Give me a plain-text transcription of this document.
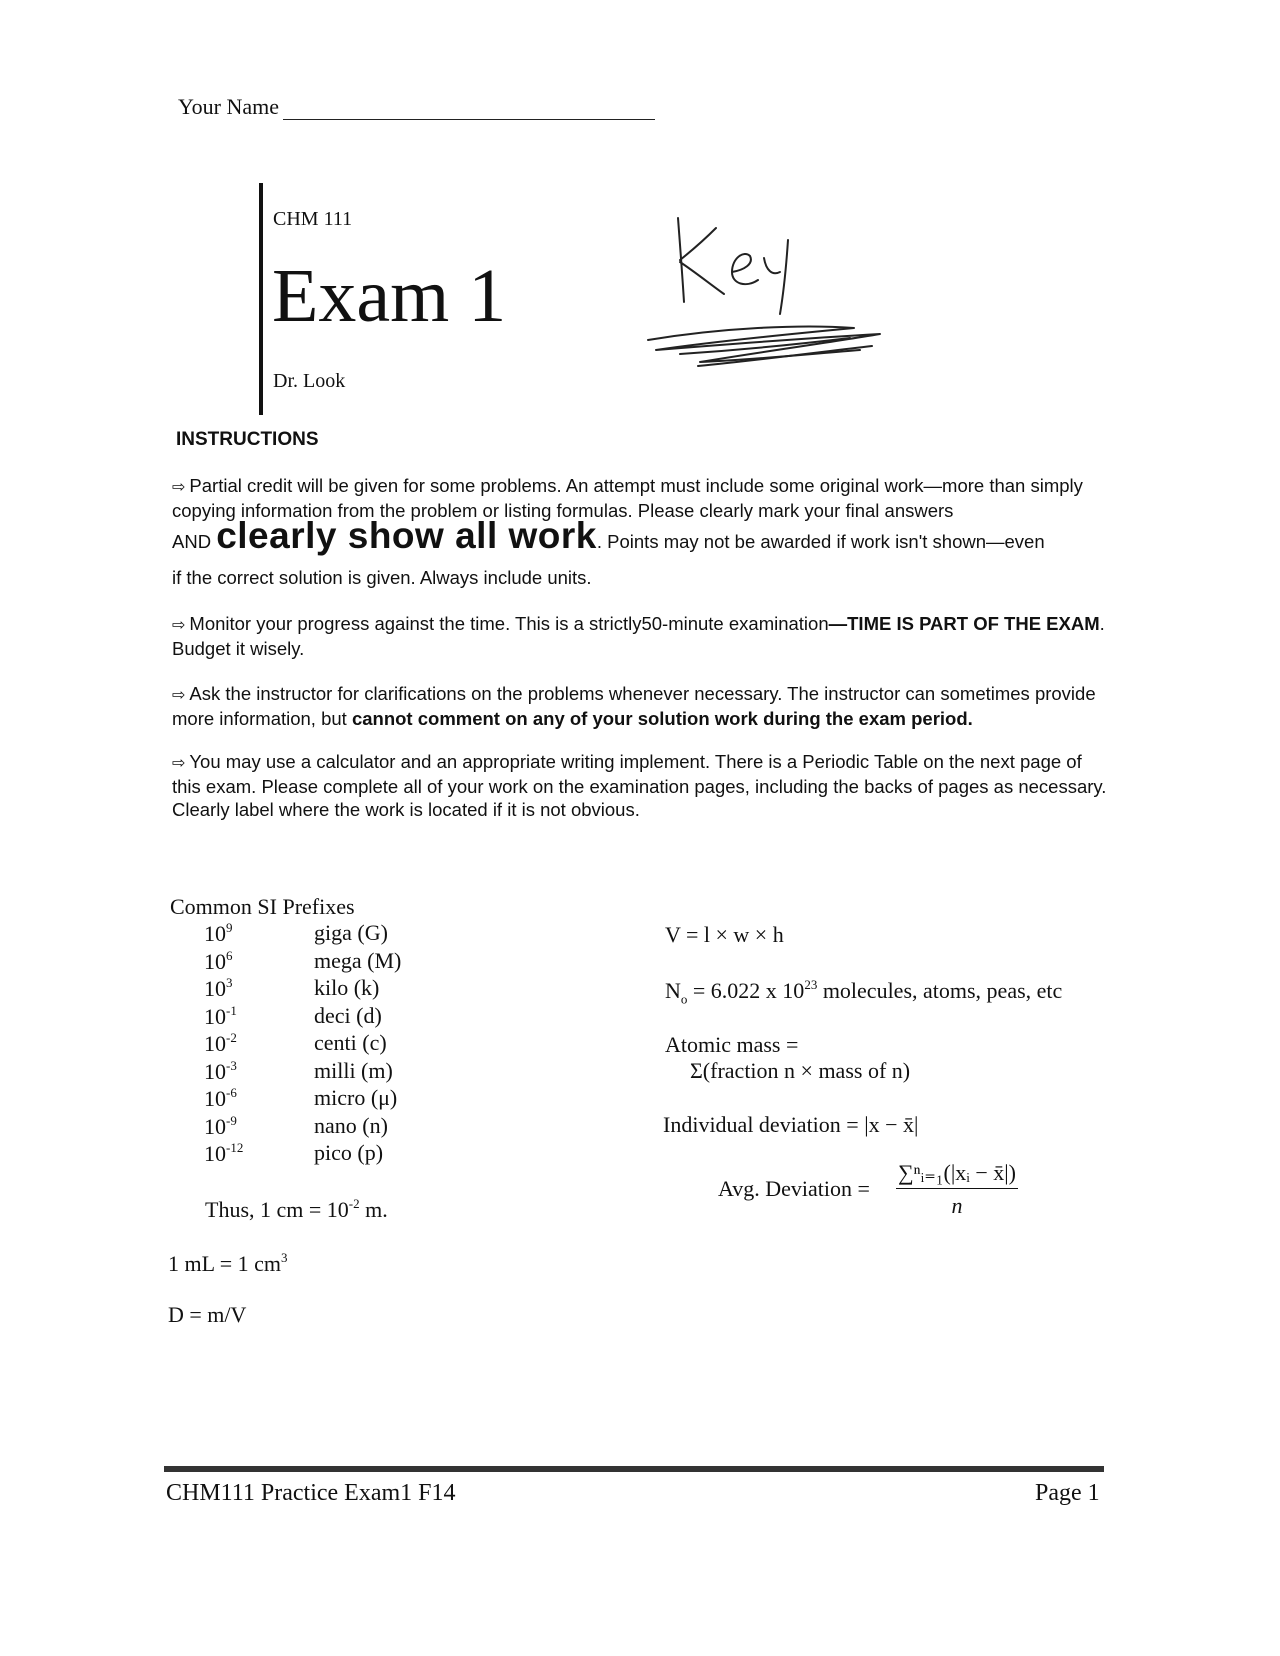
Your Name
CHM 111
Exam 1
Dr. Look
INSTRUCTIONS
⇨ Partial credit will be given for some problems. An attempt must include some original work—more than simply copying information from the problem or listing formulas. Please clearly mark your final answers
AND clearly show all work. Points may not be awarded if work isn't shown—even
if the correct solution is given. Always include units.
⇨ Monitor your progress against the time. This is a strictly50-minute examination—TIME IS PART OF THE EXAM. Budget it wisely.
⇨ Ask the instructor for clarifications on the problems whenever necessary. The instructor can sometimes provide more information, but cannot comment on any of your solution work during the exam period.
⇨ You may use a calculator and an appropriate writing implement. There is a Periodic Table on the next page of this exam. Please complete all of your work on the examination pages, including the backs of pages as necessary. Clearly label where the work is located if it is not obvious.
Common SI Prefixes
$10^9$	giga (G)
$10^6$	mega (M)
$10^3$	kilo (k)
$10^{-1}$	deci (d)
$10^{-2}$	centi (c)
$10^{-3}$	milli (m)
$10^{-6}$	micro (μ)
$10^{-9}$	nano (n)
$10^{-12}$	pico (p)
Thus, 1 cm = $10^{-2}$ m.
1 mL = 1 $cm^3$
D = m/V
V = l × w × h
$N_o = 6.022$ x $10^{23}$ molecules, atoms, peas, etc
Atomic mass =
Σ(fraction n × mass of n)
Individual deviation = |x − x̄|
Avg. Deviation = $\frac{\text{∑ⁿᵢ₌₁(|xᵢ − x̄|)}}{n}$
CHM111 Practice Exam1 F14	Page 1
